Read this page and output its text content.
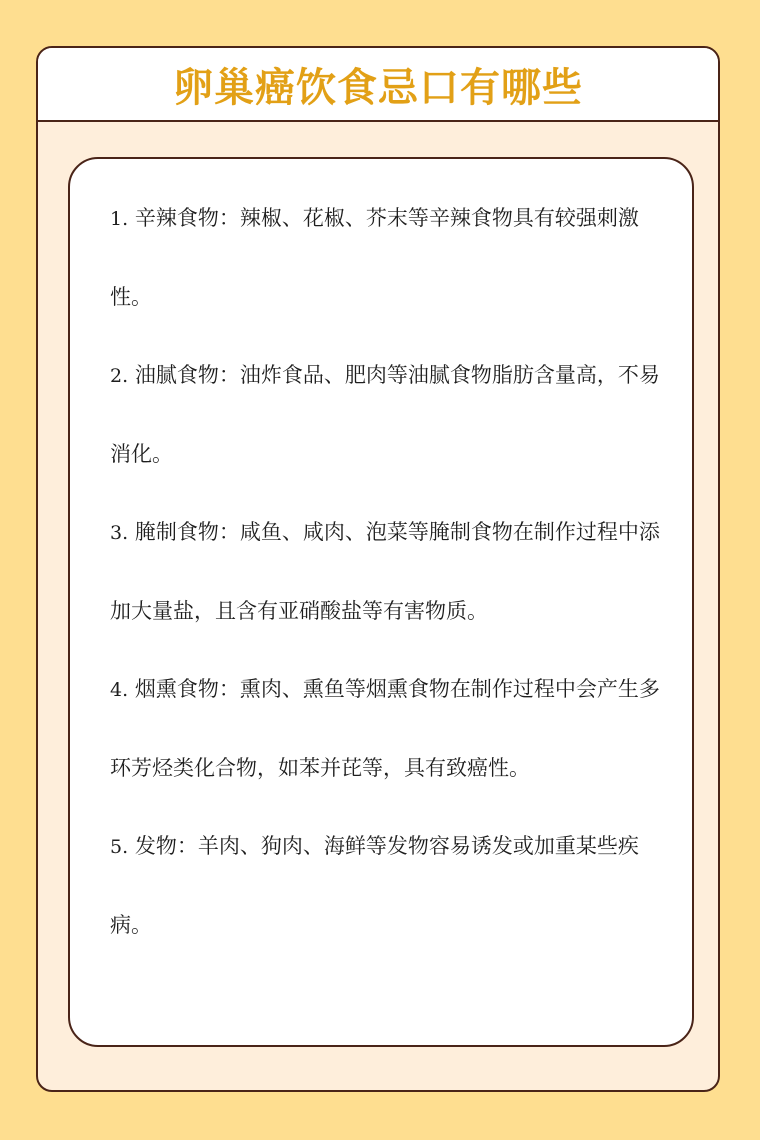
卵巢癌饮食忌口有哪些
1. 辛辣食物：辣椒、花椒、芥末等辛辣食物具有较强刺激性。
2. 油腻食物：油炸食品、肥肉等油腻食物脂肪含量高，不易消化。
3. 腌制食物：咸鱼、咸肉、泡菜等腌制食物在制作过程中添加大量盐，且含有亚硝酸盐等有害物质。
4. 烟熏食物：熏肉、熏鱼等烟熏食物在制作过程中会产生多环芳烃类化合物，如苯并芘等，具有致癌性。
5. 发物：羊肉、狗肉、海鲜等发物容易诱发或加重某些疾病。
